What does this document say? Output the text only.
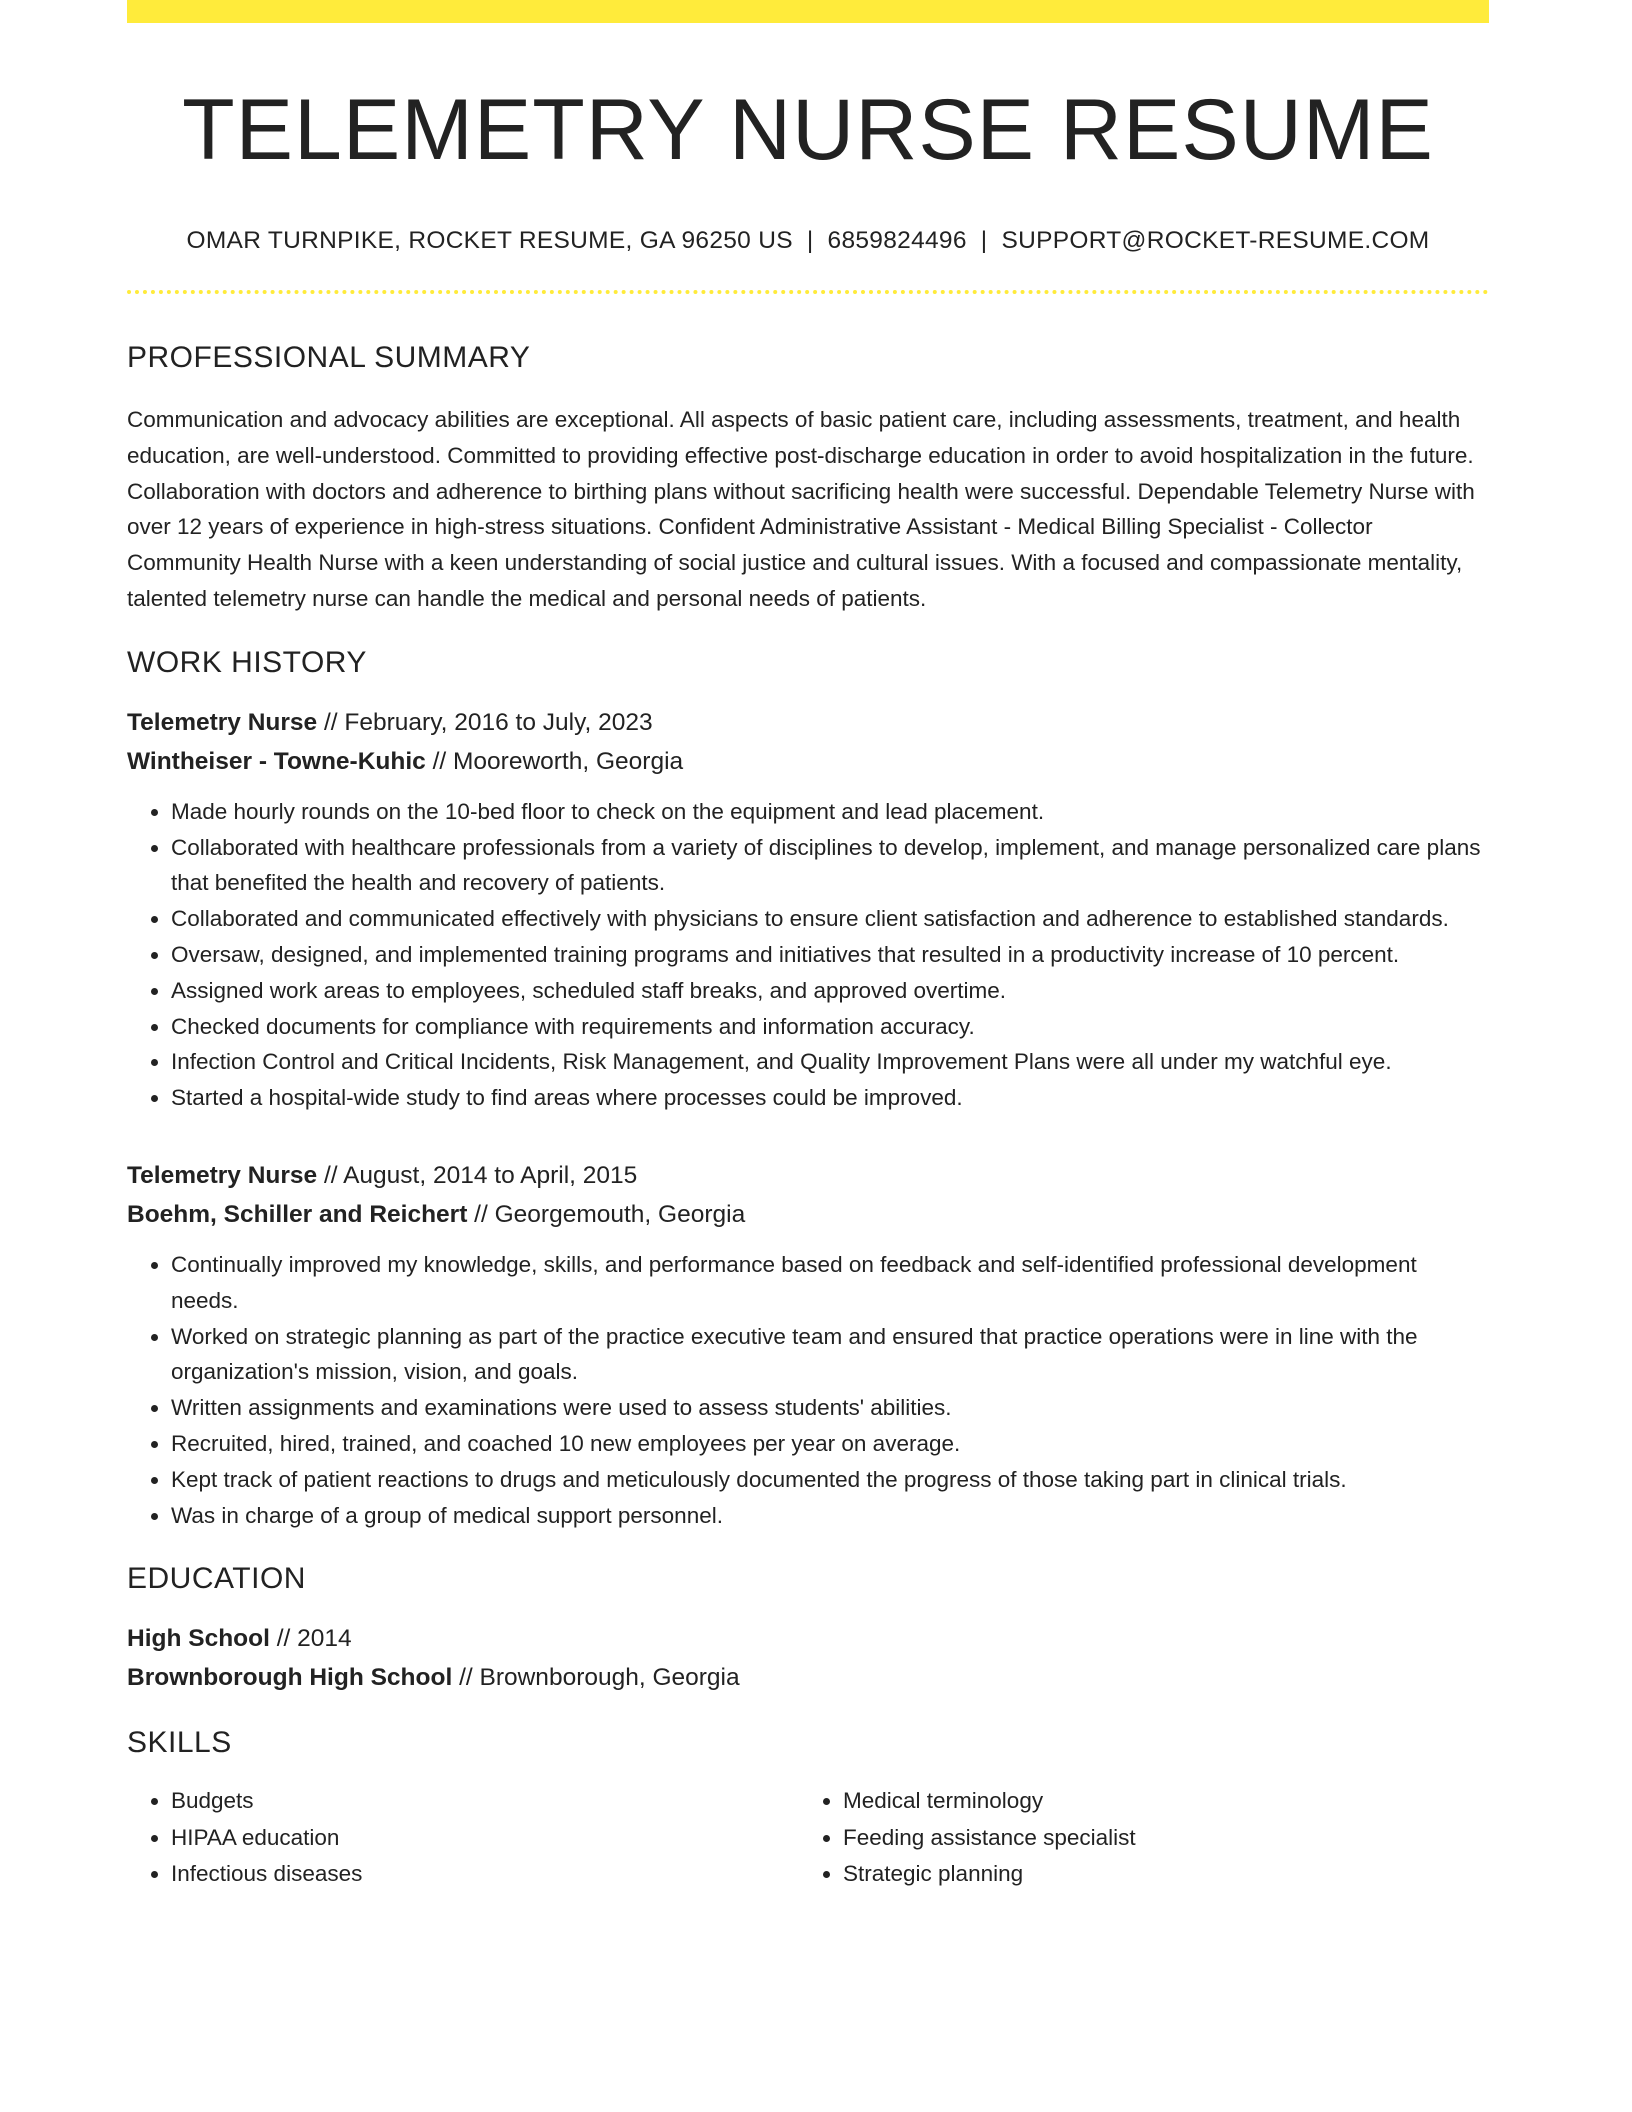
TELEMETRY NURSE RESUME
OMAR TURNPIKE, ROCKET RESUME, GA 96250 US | 6859824496 | SUPPORT@ROCKET-RESUME.COM
PROFESSIONAL SUMMARY
Communication and advocacy abilities are exceptional. All aspects of basic patient care, including assessments, treatment, and health education, are well-understood. Committed to providing effective post-discharge education in order to avoid hospitalization in the future. Collaboration with doctors and adherence to birthing plans without sacrificing health were successful. Dependable Telemetry Nurse with over 12 years of experience in high-stress situations. Confident Administrative Assistant - Medical Billing Specialist - Collector Community Health Nurse with a keen understanding of social justice and cultural issues. With a focused and compassionate mentality, talented telemetry nurse can handle the medical and personal needs of patients.
WORK HISTORY
Telemetry Nurse // February, 2016 to July, 2023
Wintheiser - Towne-Kuhic // Mooreworth, Georgia
• Made hourly rounds on the 10-bed floor to check on the equipment and lead placement.
• Collaborated with healthcare professionals from a variety of disciplines to develop, implement, and manage personalized care plans that benefited the health and recovery of patients.
• Collaborated and communicated effectively with physicians to ensure client satisfaction and adherence to established standards.
• Oversaw, designed, and implemented training programs and initiatives that resulted in a productivity increase of 10 percent.
• Assigned work areas to employees, scheduled staff breaks, and approved overtime.
• Checked documents for compliance with requirements and information accuracy.
• Infection Control and Critical Incidents, Risk Management, and Quality Improvement Plans were all under my watchful eye.
• Started a hospital-wide study to find areas where processes could be improved.
Telemetry Nurse // August, 2014 to April, 2015
Boehm, Schiller and Reichert // Georgemouth, Georgia
• Continually improved my knowledge, skills, and performance based on feedback and self-identified professional development needs.
• Worked on strategic planning as part of the practice executive team and ensured that practice operations were in line with the organization's mission, vision, and goals.
• Written assignments and examinations were used to assess students' abilities.
• Recruited, hired, trained, and coached 10 new employees per year on average.
• Kept track of patient reactions to drugs and meticulously documented the progress of those taking part in clinical trials.
• Was in charge of a group of medical support personnel.
EDUCATION
High School // 2014
Brownborough High School // Brownborough, Georgia
SKILLS
• Budgets
• HIPAA education
• Infectious diseases
• Medical terminology
• Feeding assistance specialist
• Strategic planning
